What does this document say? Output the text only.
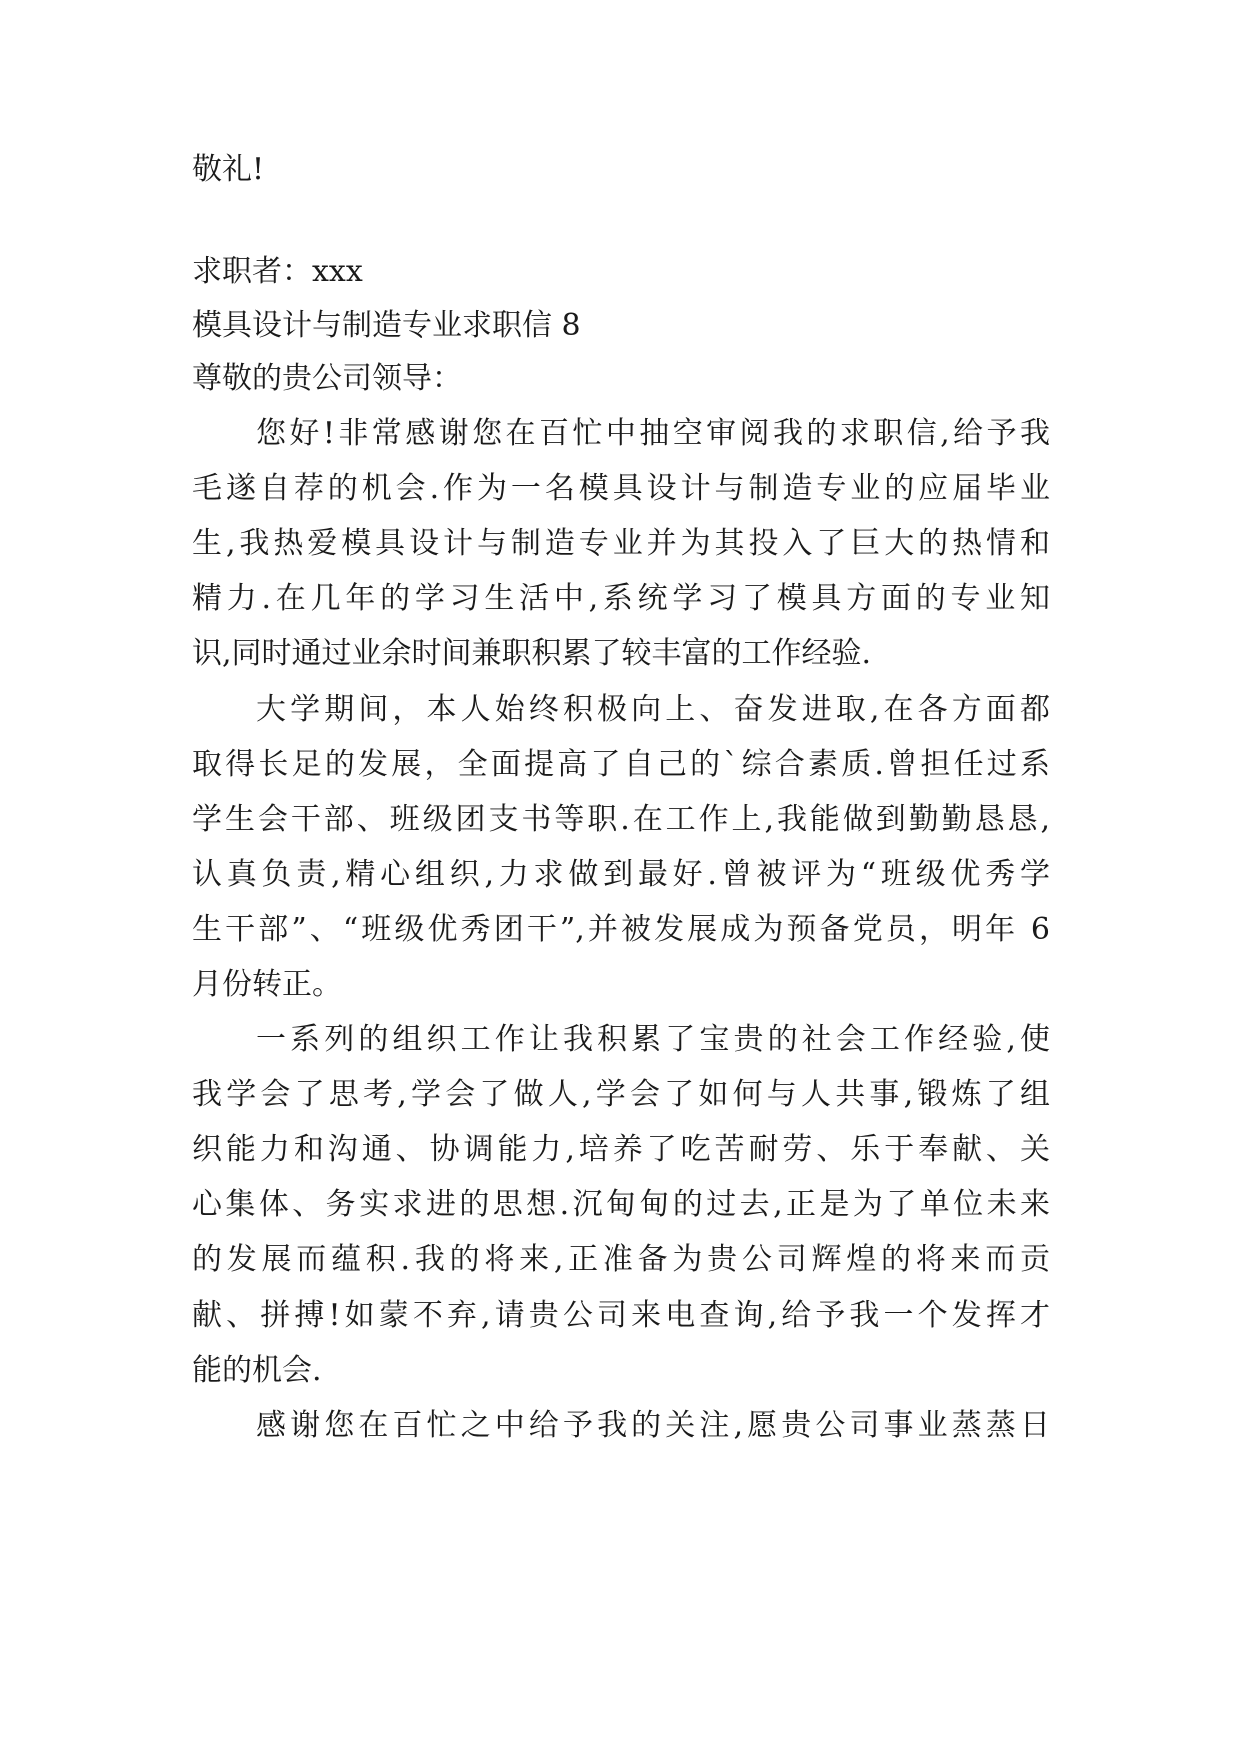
敬礼!
求职者：xxx
模具设计与制造专业求职信 8
尊敬的贵公司领导：
您好!非常感谢您在百忙中抽空审阅我的求职信,给予我
毛遂自荐的机会.作为一名模具设计与制造专业的应届毕业
生,我热爱模具设计与制造专业并为其投入了巨大的热情和
精力.在几年的学习生活中,系统学习了模具方面的专业知
识,同时通过业余时间兼职积累了较丰富的工作经验.
大学期间，本人始终积极向上、奋发进取,在各方面都
取得长足的发展，全面提高了自己的`综合素质.曾担任过系
学生会干部、班级团支书等职.在工作上,我能做到勤勤恳恳,
认真负责,精心组织,力求做到最好.曾被评为“班级优秀学
生干部”、“班级优秀团干”,并被发展成为预备党员，明年 6
月份转正。
一系列的组织工作让我积累了宝贵的社会工作经验,使
我学会了思考,学会了做人,学会了如何与人共事,锻炼了组
织能力和沟通、协调能力,培养了吃苦耐劳、乐于奉献、关
心集体、务实求进的思想.沉甸甸的过去,正是为了单位未来
的发展而蕴积.我的将来,正准备为贵公司辉煌的将来而贡
献、拼搏!如蒙不弃,请贵公司来电查询,给予我一个发挥才
能的机会.
感谢您在百忙之中给予我的关注,愿贵公司事业蒸蒸日
